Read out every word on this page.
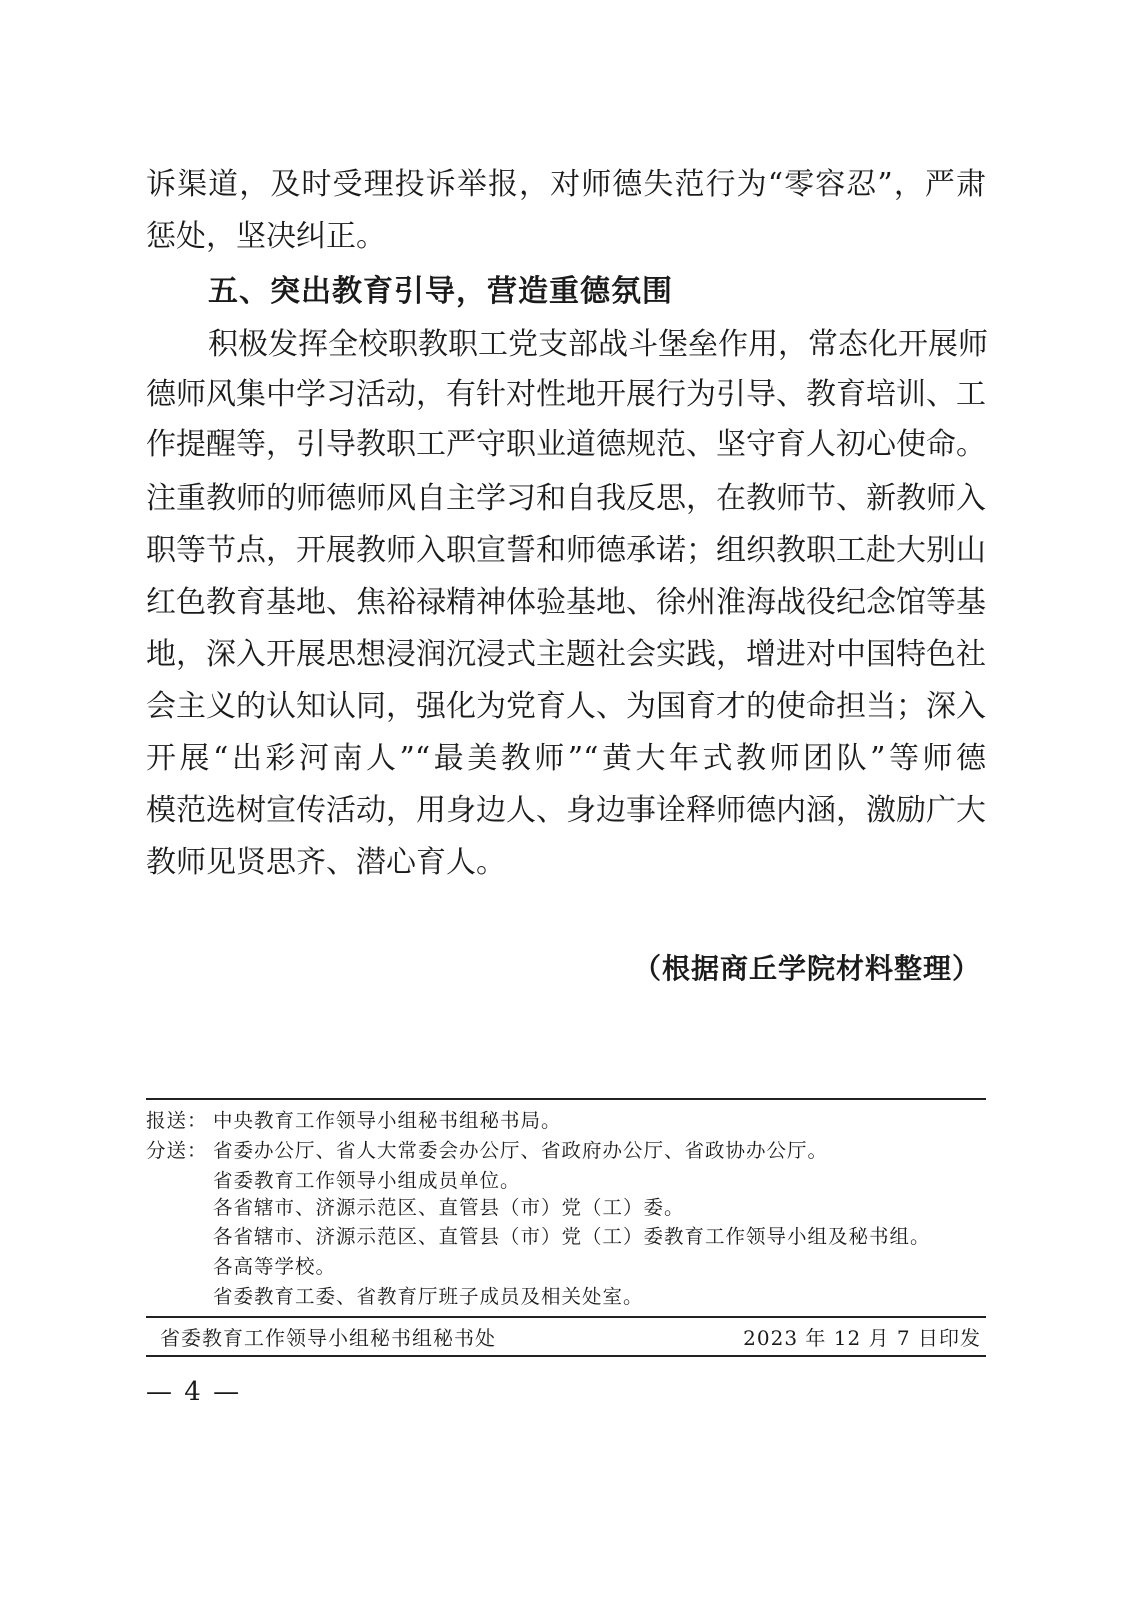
诉渠道，及时受理投诉举报，对师德失范行为“零容忍”，严肃
惩处，坚决纠正。
五、突出教育引导，营造重德氛围
积极发挥全校职教职工党支部战斗堡垒作用，常态化开展师
德师风集中学习活动，有针对性地开展行为引导、教育培训、工
作提醒等，引导教职工严守职业道德规范、坚守育人初心使命。
注重教师的师德师风自主学习和自我反思，在教师节、新教师入
职等节点，开展教师入职宣誓和师德承诺；组织教职工赴大别山
红色教育基地、焦裕禄精神体验基地、徐州淮海战役纪念馆等基
地，深入开展思想浸润沉浸式主题社会实践，增进对中国特色社
会主义的认知认同，强化为党育人、为国育才的使命担当；深入
开展“出彩河南人”“最美教师”“黄大年式教师团队”等师德
模范选树宣传活动，用身边人、身边事诠释师德内涵，激励广大
教师见贤思齐、潜心育人。
（根据商丘学院材料整理）
报送： 中央教育工作领导小组秘书组秘书局。
分送： 省委办公厅、省人大常委会办公厅、省政府办公厅、省政协办公厅。
省委教育工作领导小组成员单位。
各省辖市、济源示范区、直管县（市）党（工）委。
各省辖市、济源示范区、直管县（市）党（工）委教育工作领导小组及秘书组。
各高等学校。
省委教育工委、省教育厅班子成员及相关处室。
省委教育工作领导小组秘书组秘书处	2023 年 12 月 7 日印发
— 4 —
